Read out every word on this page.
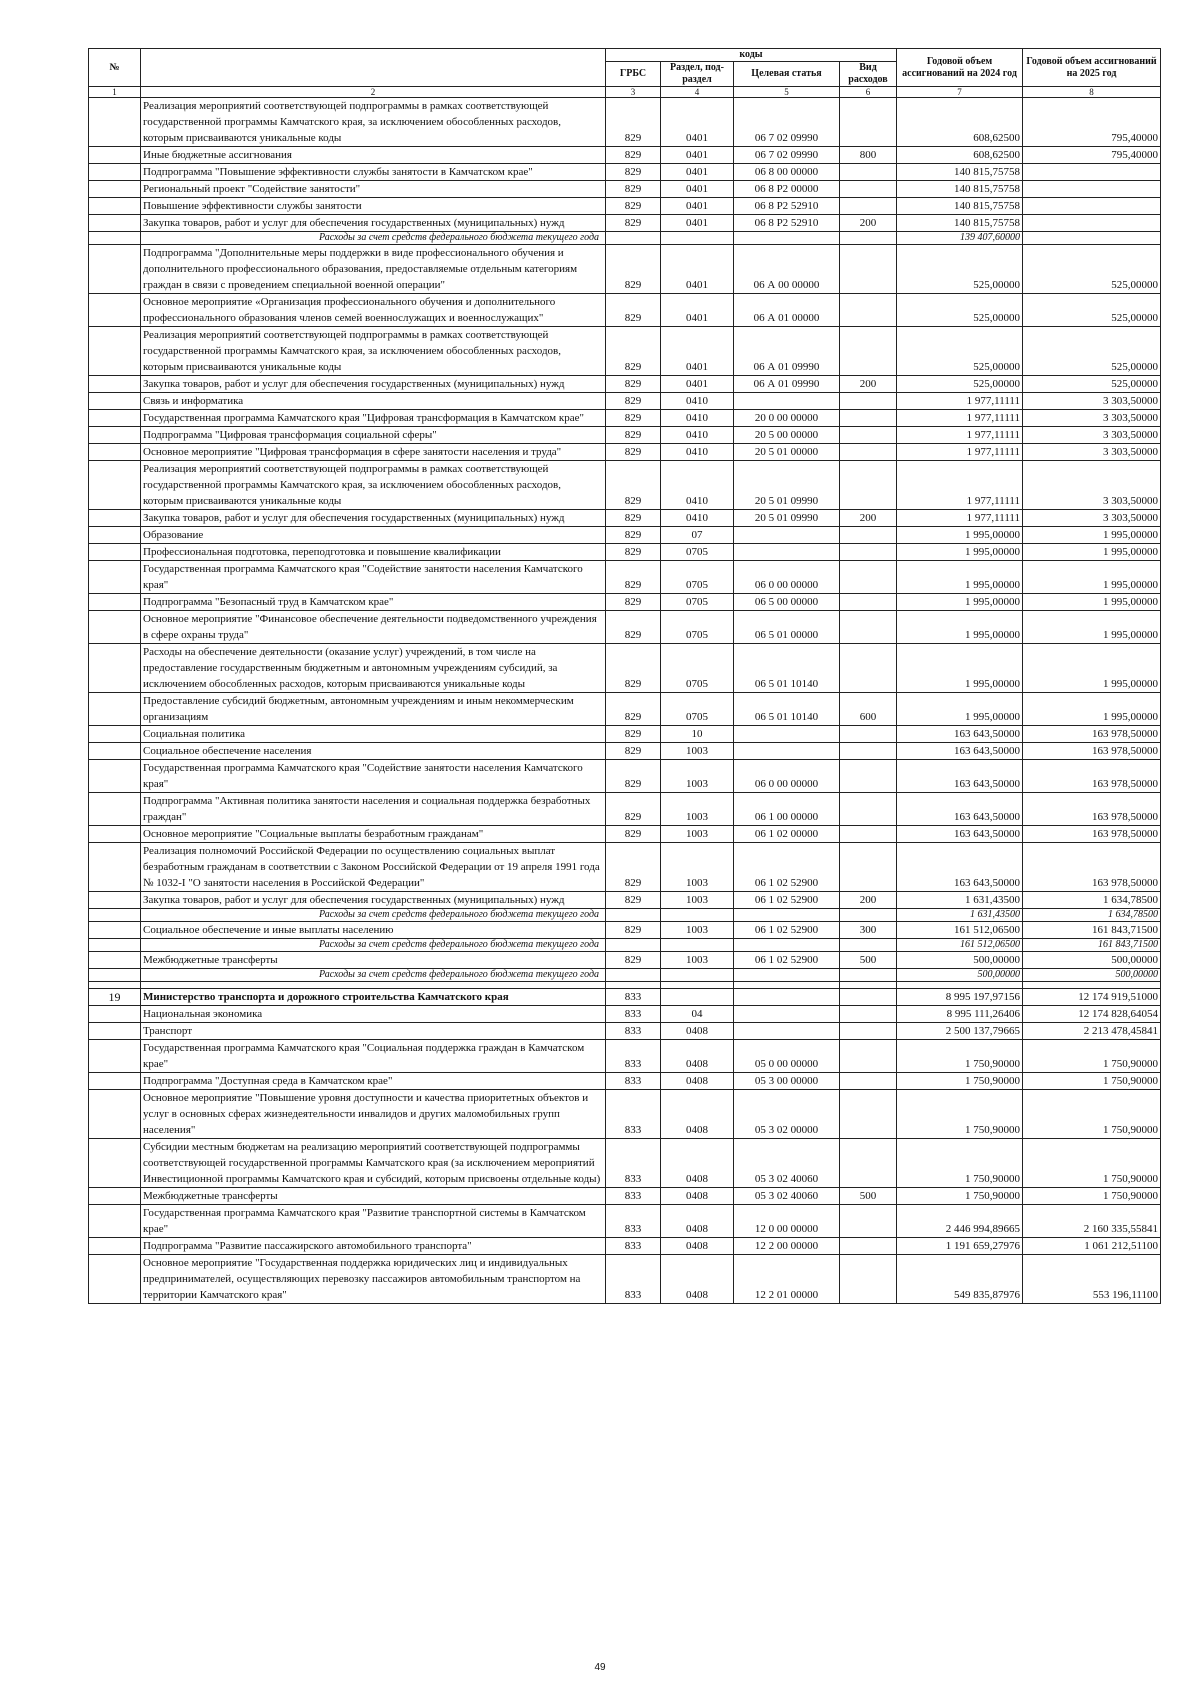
№		коды				Годовой объем ассигнований на 2024 год	Годовой объем ассигнований на 2025 год
		ГРБС	Раздел, под-раздел	Целевая статья	Вид расходов		
1	2	3	4	5	6	7	8
	Реализация мероприятий соответствующей подпрограммы в рамках соответствующей государственной программы Камчатского края, за исключением обособленных расходов, которым присваиваются уникальные коды	829	0401	06 7 02 09990		608,62500	795,40000
	Иные бюджетные ассигнования	829	0401	06 7 02 09990	800	608,62500	795,40000
	Подпрограмма "Повышение эффективности службы занятости в Камчатском крае"	829	0401	06 8 00 00000		140 815,75758	
	Региональный проект "Содействие занятости"	829	0401	06 8 P2 00000		140 815,75758	
	Повышение эффективности службы занятости	829	0401	06 8 P2 52910		140 815,75758	
	Закупка товаров, работ и услуг для обеспечения государственных (муниципальных) нужд	829	0401	06 8 P2 52910	200	140 815,75758	
	Расходы за счет средств федерального бюджета текущего года					139 407,60000	
	Подпрограмма "Дополнительные меры поддержки в виде профессионального обучения и дополнительного профессионального образования, предоставляемые отдельным категориям граждан в связи с проведением специальной военной операции"	829	0401	06 А 00 00000		525,00000	525,00000
	Основное мероприятие «Организация профессионального обучения и дополнительного профессионального образования членов семей военнослужащих и военнослужащих"	829	0401	06 А 01 00000		525,00000	525,00000
	Реализация мероприятий соответствующей подпрограммы в рамках соответствующей государственной программы Камчатского края, за исключением обособленных расходов, которым присваиваются уникальные коды	829	0401	06 А 01 09990		525,00000	525,00000
	Закупка товаров, работ и услуг для обеспечения государственных (муниципальных) нужд	829	0401	06 А 01 09990	200	525,00000	525,00000
	Связь и информатика	829	0410			1 977,11111	3 303,50000
	Государственная программа Камчатского края "Цифровая трансформация в Камчатском крае"	829	0410	20 0 00 00000		1 977,11111	3 303,50000
	Подпрограмма "Цифровая трансформация социальной сферы"	829	0410	20 5 00 00000		1 977,11111	3 303,50000
	Основное мероприятие "Цифровая трансформация в сфере занятости населения и труда"	829	0410	20 5 01 00000		1 977,11111	3 303,50000
	Реализация мероприятий соответствующей подпрограммы в рамках соответствующей государственной программы Камчатского края, за исключением обособленных расходов, которым присваиваются уникальные коды	829	0410	20 5 01 09990		1 977,11111	3 303,50000
	Закупка товаров, работ и услуг для обеспечения государственных (муниципальных) нужд	829	0410	20 5 01 09990	200	1 977,11111	3 303,50000
	Образование	829	07			1 995,00000	1 995,00000
	Профессиональная подготовка, переподготовка и повышение квалификации	829	0705			1 995,00000	1 995,00000
	Государственная программа Камчатского края "Содействие занятости населения Камчатского края"	829	0705	06 0 00 00000		1 995,00000	1 995,00000
	Подпрограмма "Безопасный труд в Камчатском крае"	829	0705	06 5 00 00000		1 995,00000	1 995,00000
	Основное мероприятие "Финансовое обеспечение деятельности подведомственного учреждения в сфере охраны труда"	829	0705	06 5 01 00000		1 995,00000	1 995,00000
	Расходы на обеспечение деятельности (оказание услуг) учреждений, в том числе на предоставление государственным бюджетным и автономным учреждениям субсидий, за исключением обособленных расходов, которым присваиваются уникальные коды	829	0705	06 5 01 10140		1 995,00000	1 995,00000
	Предоставление субсидий бюджетным, автономным учреждениям и иным некоммерческим организациям	829	0705	06 5 01 10140	600	1 995,00000	1 995,00000
	Социальная политика	829	10			163 643,50000	163 978,50000
	Социальное обеспечение населения	829	1003			163 643,50000	163 978,50000
	Государственная программа Камчатского края "Содействие занятости населения Камчатского края"	829	1003	06 0 00 00000		163 643,50000	163 978,50000
	Подпрограмма "Активная политика занятости населения и социальная поддержка безработных граждан"	829	1003	06 1 00 00000		163 643,50000	163 978,50000
	Основное мероприятие "Социальные выплаты безработным гражданам"	829	1003	06 1 02 00000		163 643,50000	163 978,50000
	Реализация полномочий Российской Федерации по осуществлению социальных выплат безработным гражданам в соответствии с Законом Российской Федерации от 19 апреля 1991 года № 1032-I "О занятости населения в Российской Федерации"	829	1003	06 1 02 52900		163 643,50000	163 978,50000
	Закупка товаров, работ и услуг для обеспечения государственных (муниципальных) нужд	829	1003	06 1 02 52900	200	1 631,43500	1 634,78500
	Расходы за счет средств федерального бюджета текущего года					1 631,43500	1 634,78500
	Социальное обеспечение и иные выплаты населению	829	1003	06 1 02 52900	300	161 512,06500	161 843,71500
	Расходы за счет средств федерального бюджета текущего года					161 512,06500	161 843,71500
	Межбюджетные трансферты	829	1003	06 1 02 52900	500	500,00000	500,00000
	Расходы за счет средств федерального бюджета текущего года					500,00000	500,00000

19	Министерство транспорта и дорожного строительства Камчатского края	833				8 995 197,97156	12 174 919,51000
	Национальная экономика	833	04			8 995 111,26406	12 174 828,64054
	Транспорт	833	0408			2 500 137,79665	2 213 478,45841
	Государственная программа Камчатского края "Социальная поддержка граждан в Камчатском крае"	833	0408	05 0 00 00000		1 750,90000	1 750,90000
	Подпрограмма "Доступная среда в Камчатском крае"	833	0408	05 3 00 00000		1 750,90000	1 750,90000
	Основное мероприятие "Повышение уровня доступности и качества приоритетных объектов и услуг в основных сферах жизнедеятельности инвалидов и других маломобильных групп населения"	833	0408	05 3 02 00000		1 750,90000	1 750,90000
	Субсидии местным бюджетам на реализацию мероприятий соответствующей подпрограммы соответствующей государственной программы Камчатского края (за исключением мероприятий Инвестиционной программы Камчатского края и субсидий, которым присвоены отдельные коды)	833	0408	05 3 02 40060		1 750,90000	1 750,90000
	Межбюджетные трансферты	833	0408	05 3 02 40060	500	1 750,90000	1 750,90000
	Государственная программа Камчатского края "Развитие транспортной системы в Камчатском крае"	833	0408	12 0 00 00000		2 446 994,89665	2 160 335,55841
	Подпрограмма "Развитие пассажирского автомобильного транспорта"	833	0408	12 2 00 00000		1 191 659,27976	1 061 212,51100
	Основное мероприятие "Государственная поддержка юридических лиц и индивидуальных предпринимателей, осуществляющих перевозку пассажиров автомобильным транспортом на территории Камчатского края"	833	0408	12 2 01 00000		549 835,87976	553 196,11100
49
